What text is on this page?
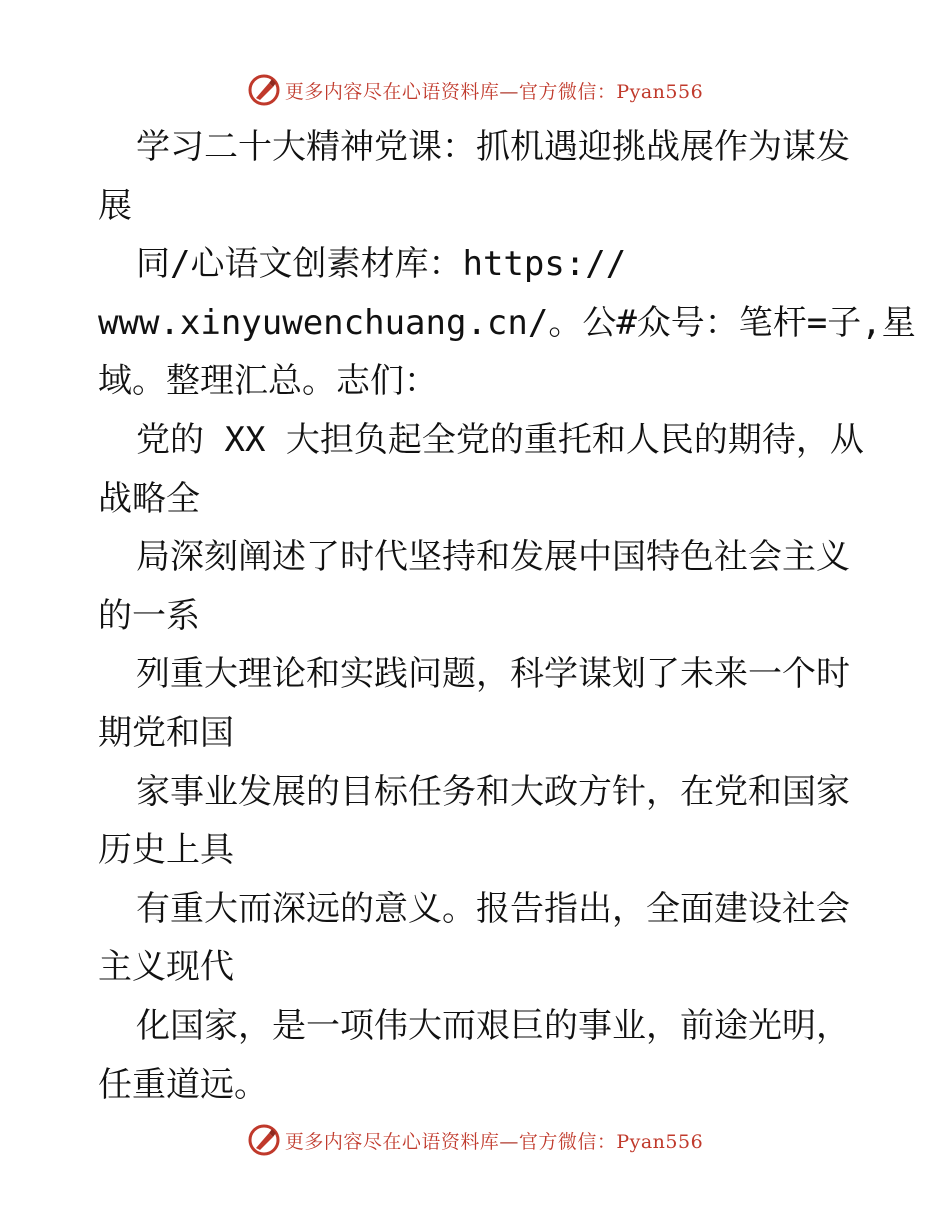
更多内容尽在心语资料库—官方微信：Pyan556
学习二十大精神党课：抓机遇迎挑战展作为谋发
展
同/心语文创素材库：https://
www.xinyuwenchuang.cn/。公#众号：笔杆=子,星
域。整理汇总。志们：
党的 XX 大担负起全党的重托和人民的期待，从
战略全
局深刻阐述了时代坚持和发展中国特色社会主义
的一系
列重大理论和实践问题，科学谋划了未来一个时
期党和国
家事业发展的目标任务和大政方针，在党和国家
历史上具
有重大而深远的意义。报告指出，全面建设社会
主义现代
化国家，是一项伟大而艰巨的事业，前途光明，
任重道远。
更多内容尽在心语资料库—官方微信：Pyan556
